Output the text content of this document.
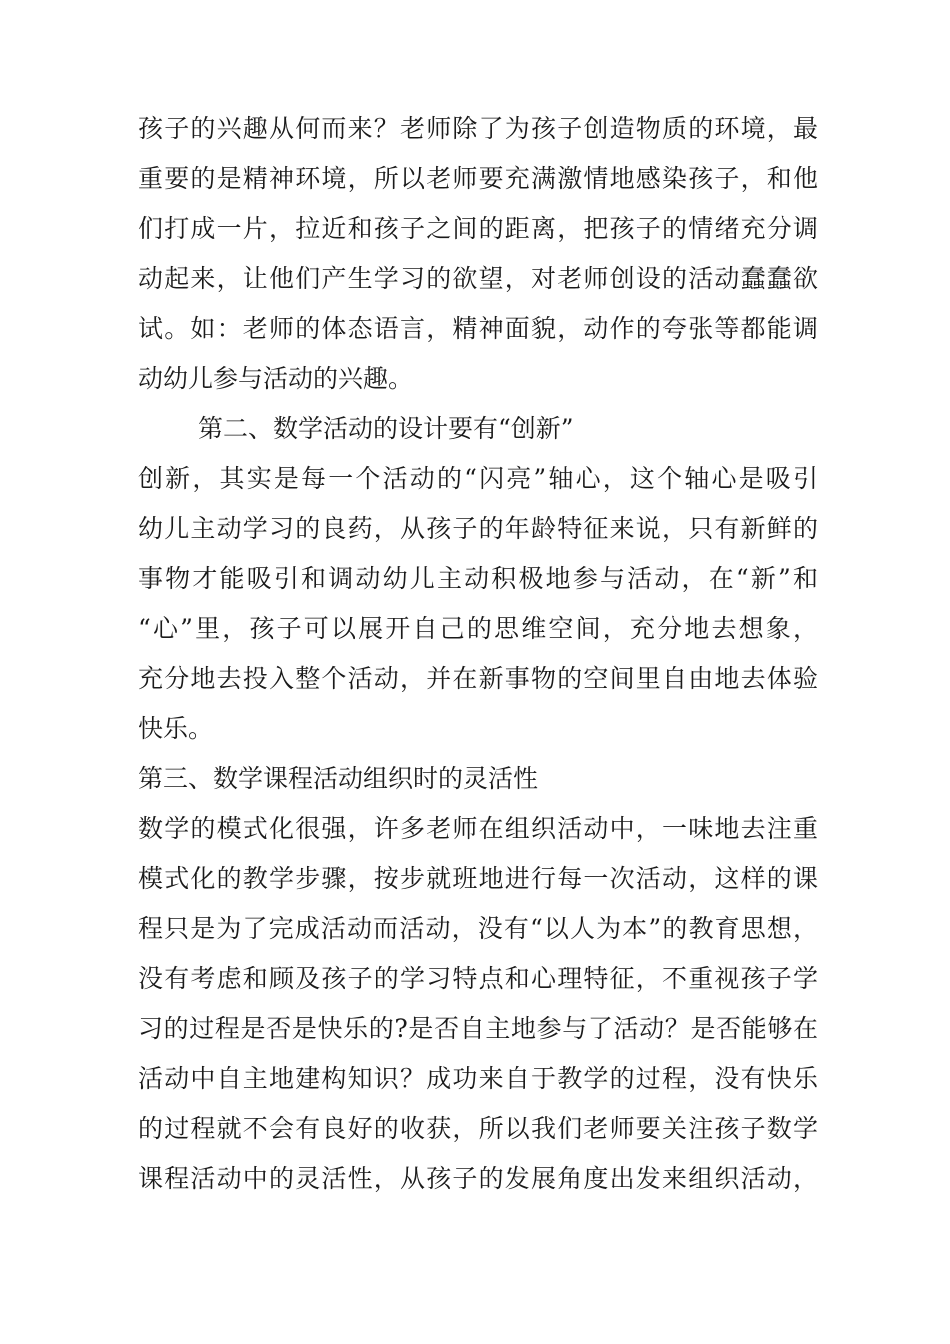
孩子的兴趣从何而来？老师除了为孩子创造物质的环境，最
重要的是精神环境，所以老师要充满激情地感染孩子，和他
们打成一片，拉近和孩子之间的距离，把孩子的情绪充分调
动起来，让他们产生学习的欲望，对老师创设的活动蠢蠢欲
试。如：老师的体态语言，精神面貌，动作的夸张等都能调
动幼儿参与活动的兴趣。
第二、数学活动的设计要有“创新”
创新，其实是每一个活动的“闪亮”轴心，这个轴心是吸引
幼儿主动学习的良药，从孩子的年龄特征来说，只有新鲜的
事物才能吸引和调动幼儿主动积极地参与活动，在“新”和
“心”里，孩子可以展开自己的思维空间，充分地去想象，
充分地去投入整个活动，并在新事物的空间里自由地去体验
快乐。
第三、数学课程活动组织时的灵活性
数学的模式化很强，许多老师在组织活动中，一味地去注重
模式化的教学步骤，按步就班地进行每一次活动，这样的课
程只是为了完成活动而活动，没有“以人为本”的教育思想，
没有考虑和顾及孩子的学习特点和心理特征，不重视孩子学
习的过程是否是快乐的?是否自主地参与了活动？是否能够在
活动中自主地建构知识？成功来自于教学的过程，没有快乐
的过程就不会有良好的收获，所以我们老师要关注孩子数学
课程活动中的灵活性，从孩子的发展角度出发来组织活动，
